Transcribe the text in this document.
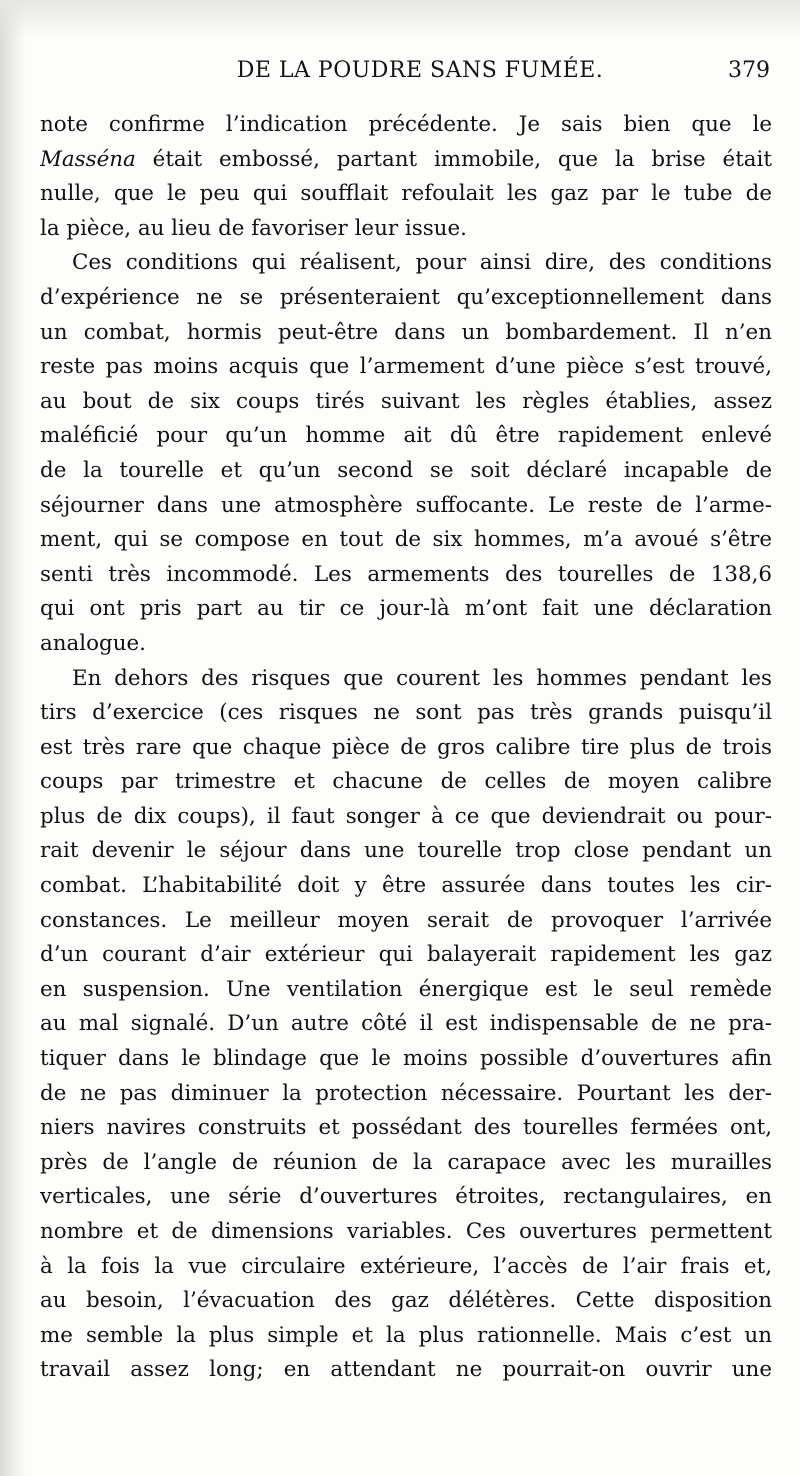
DE LA POUDRE SANS FUMÉE.	379
note confirme l’indication précédente. Je sais bien que le
Masséna était embossé, partant immobile, que la brise était
nulle, que le peu qui soufflait refoulait les gaz par le tube de
la pièce, au lieu de favoriser leur issue.
Ces conditions qui réalisent, pour ainsi dire, des conditions
d’expérience ne se présenteraient qu’exceptionnellement dans
un combat, hormis peut-être dans un bombardement. Il n’en
reste pas moins acquis que l’armement d’une pièce s’est trouvé,
au bout de six coups tirés suivant les règles établies, assez
maléficié pour qu’un homme ait dû être rapidement enlevé
de la tourelle et qu’un second se soit déclaré incapable de
séjourner dans une atmosphère suffocante. Le reste de l’arme-
ment, qui se compose en tout de six hommes, m’a avoué s’être
senti très incommodé. Les armements des tourelles de 138,6
qui ont pris part au tir ce jour-là m’ont fait une déclaration
analogue.
En dehors des risques que courent les hommes pendant les
tirs d’exercice (ces risques ne sont pas très grands puisqu’il
est très rare que chaque pièce de gros calibre tire plus de trois
coups par trimestre et chacune de celles de moyen calibre
plus de dix coups), il faut songer à ce que deviendrait ou pour-
rait devenir le séjour dans une tourelle trop close pendant un
combat. L’habitabilité doit y être assurée dans toutes les cir-
constances. Le meilleur moyen serait de provoquer l’arrivée
d’un courant d’air extérieur qui balayerait rapidement les gaz
en suspension. Une ventilation énergique est le seul remède
au mal signalé. D’un autre côté il est indispensable de ne pra-
tiquer dans le blindage que le moins possible d’ouvertures afin
de ne pas diminuer la protection nécessaire. Pourtant les der-
niers navires construits et possédant des tourelles fermées ont,
près de l’angle de réunion de la carapace avec les murailles
verticales, une série d’ouvertures étroites, rectangulaires, en
nombre et de dimensions variables. Ces ouvertures permettent
à la fois la vue circulaire extérieure, l’accès de l’air frais et,
au besoin, l’évacuation des gaz délétères. Cette disposition
me semble la plus simple et la plus rationnelle. Mais c’est un
travail assez long; en attendant ne pourrait-on ouvrir une
